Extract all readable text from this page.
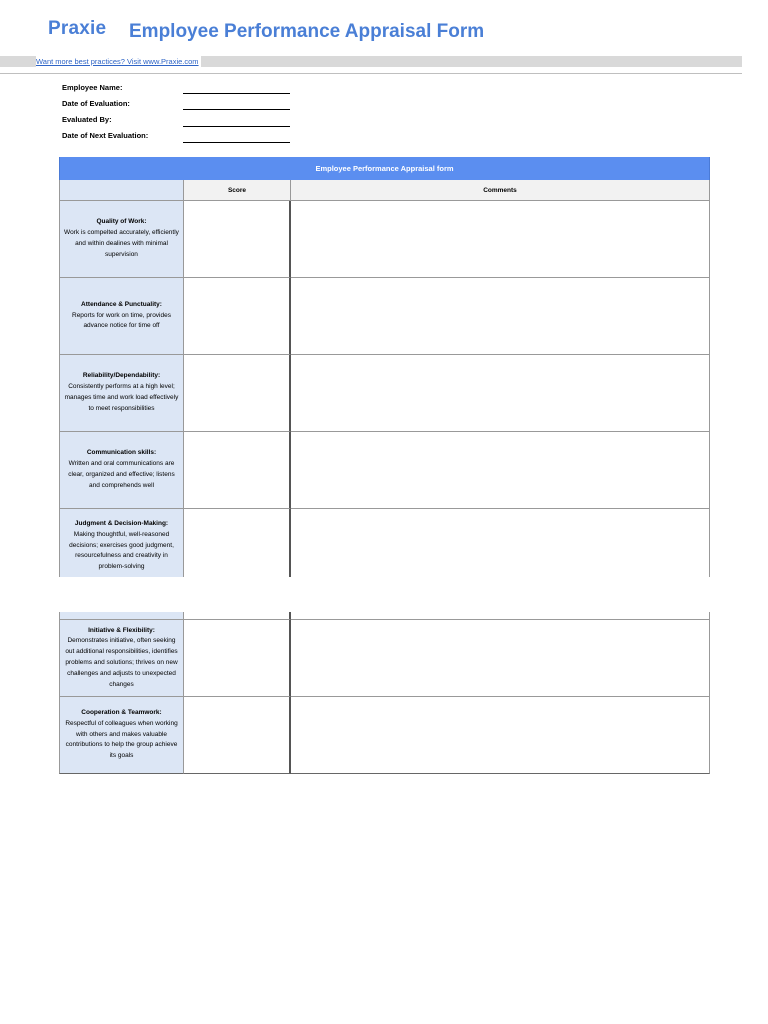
Praxie Employee Performance Appraisal Form
Want more best practices? Visit www.Praxie.com
Employee Name:
Date of Evaluation:
Evaluated By:
Date of Next Evaluation:
Employee Performance Appraisal form
Score	Comments
Quality of Work:
Work is compelted accurately, efficiently and within dealines with minimal supervision
Attendance & Punctuality:
Reports for work on time, provides advance notice for time off
Reliability/Dependability:
Consistently performs at a high level; manages time and work load effectively to meet responsibilities
Communication skills:
Written and oral communications are clear, organized and effective; listens and comprehends well
Judgment & Decision-Making:
Making thoughtful, well-reasoned decisions; exercises good judgment, resourcefulness and creativity in problem-solving
Initiative & Flexibility:
Demonstrates initiative, often seeking out additional responsibilities, identifies problems and solutions; thrives on new challenges and adjusts to unexpected changes
Cooperation & Teamwork:
Respectful of colleagues when working with others and makes valuable contributions to help the group achieve its goals
